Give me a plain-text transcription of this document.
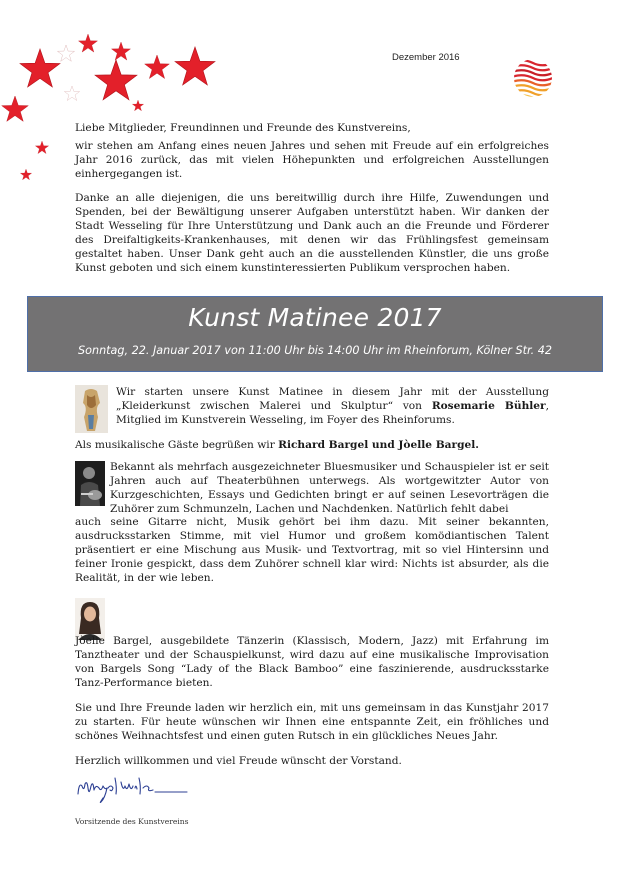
Dezember 2016
Liebe Mitglieder, Freundinnen und Freunde des Kunstvereins,
wir stehen am Anfang eines neuen Jahres und sehen mit Freude auf ein erfolgreiches Jahr 2016 zurück, das mit vielen Höhepunkten und erfolgreichen Ausstellungen einhergegangen ist.
Danke an alle diejenigen, die uns bereitwillig durch ihre Hilfe, Zuwendungen und Spenden, bei der Bewältigung unserer Aufgaben unterstützt haben. Wir danken der Stadt Wesseling für Ihre Unterstützung und Dank auch an die Freunde und Förderer des Dreifaltigkeits-Krankenhauses, mit denen wir das Frühlingsfest gemeinsam gestaltet haben. Unser Dank geht auch an die ausstellenden Künstler, die uns große Kunst geboten und sich einem kunstinteressierten Publikum versprochen haben.
Kunst Matinee 2017
Sonntag, 22. Januar 2017 von 11:00 Uhr bis 14:00 Uhr im Rheinforum, Kölner Str. 42
Wir starten unsere Kunst Matinee in diesem Jahr mit der Ausstellung „Kleiderkunst zwischen Malerei und Skulptur“ von Rosemarie Bühler, Mitglied im Kunstverein Wesseling, im Foyer des Rheinforums.
Als musikalische Gäste begrüßen wir Richard Bargel und Jòelle Bargel.
Bekannt als mehrfach ausgezeichneter Bluesmusiker und Schauspieler ist er seit Jahren auch auf Theaterbühnen unterwegs. Als wortgewitzter Autor von Kurzgeschichten, Essays und Gedichten bringt er auf seinen Lesevorträgen die Zuhörer zum Schmunzeln, Lachen und Nachdenken. Natürlich fehlt dabei
auch seine Gitarre nicht, Musik gehört bei ihm dazu. Mit seiner bekannten, ausdrucksstarken Stimme, mit viel Humor und großem komödiantischen Talent präsentiert er eine Mischung aus Musik- und Textvortrag, mit so viel Hintersinn und feiner Ironie gespickt, dass dem Zuhörer schnell klar wird: Nichts ist absurder, als die Realität, in der wie leben.
Jòelle Bargel, ausgebildete Tänzerin (Klassisch, Modern, Jazz) mit Erfahrung im Tanztheater und der Schauspielkunst, wird dazu auf eine musikalische Improvisation von Bargels Song “Lady of the Black Bamboo” eine faszinierende, ausdrucksstarke Tanz-Performance bieten.
Sie und Ihre Freunde laden wir herzlich ein, mit uns gemeinsam in das Kunstjahr 2017 zu starten. Für heute wünschen wir Ihnen eine entspannte Zeit, ein fröhliches und schönes Weihnachtsfest und einen guten Rutsch in ein glückliches Neues Jahr.
Herzlich willkommen und viel Freude wünscht der Vorstand.
Vorsitzende des Kunstvereins
